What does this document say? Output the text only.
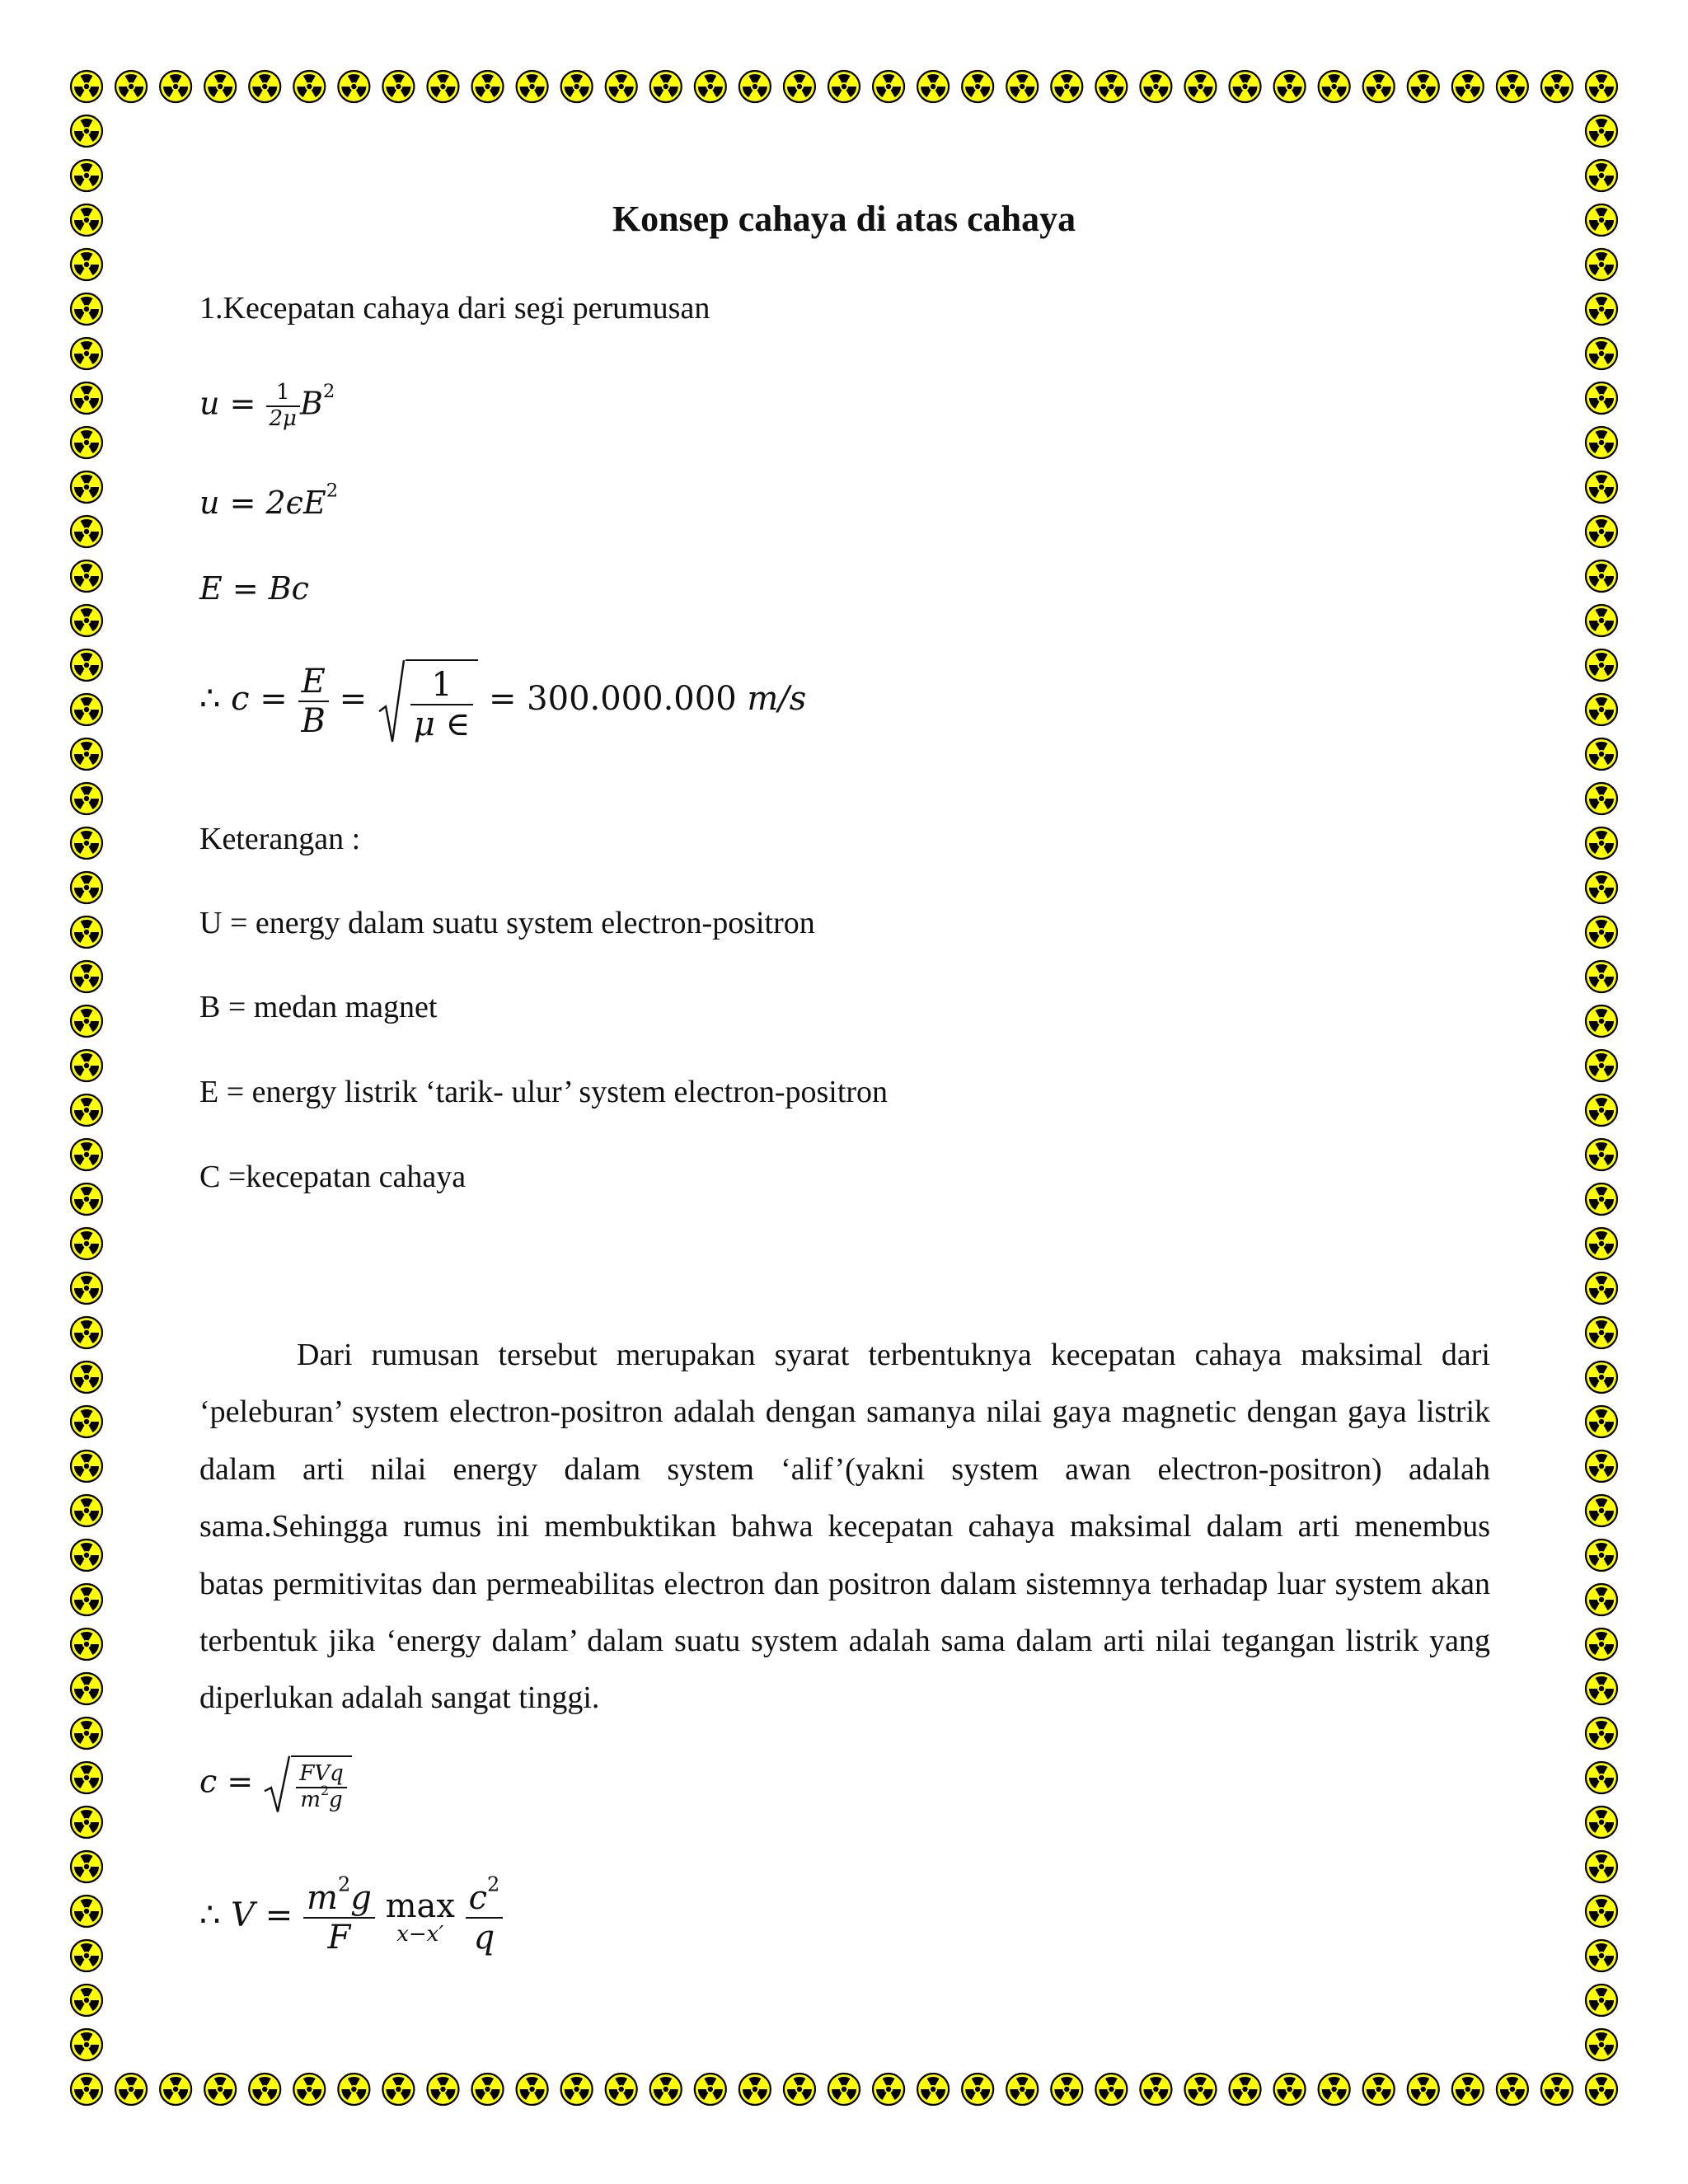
Konsep cahaya di atas cahaya
1.Kecepatan cahaya dari segi perumusan
$u = \frac{1}{2\mu} B^2$
$u = 2\epsilon E^2$
E = Bc
∴ $c = \frac{E}{B} = \frac{1}{\mu \in} = 300.000.000$ m/s
Keterangan :
U = energy dalam suatu system electron-positron
B = medan magnet
E = energy listrik ‘tarik- ulur’ system electron-positron
C =kecepatan cahaya
Dari rumusan tersebut merupakan syarat terbentuknya kecepatan cahaya maksimal dari ‘peleburan’ system electron-positron adalah dengan samanya nilai gaya magnetic dengan gaya listrik dalam arti nilai energy dalam system ‘alif’(yakni system awan electron-positron) adalah sama.Sehingga rumus ini membuktikan bahwa kecepatan cahaya maksimal dalam arti menembus batas permitivitas dan permeabilitas electron dan positron dalam sistemnya terhadap luar system akan terbentuk jika ‘energy dalam’ dalam suatu system adalah sama dalam arti nilai tegangan listrik yang diperlukan adalah sangat tinggi.
$c = \frac{\text{FVq}}{m^2g}$
∴ $V = \frac{m^2g}{F}$
max
x−x′
$\frac{c^2}{q}$
